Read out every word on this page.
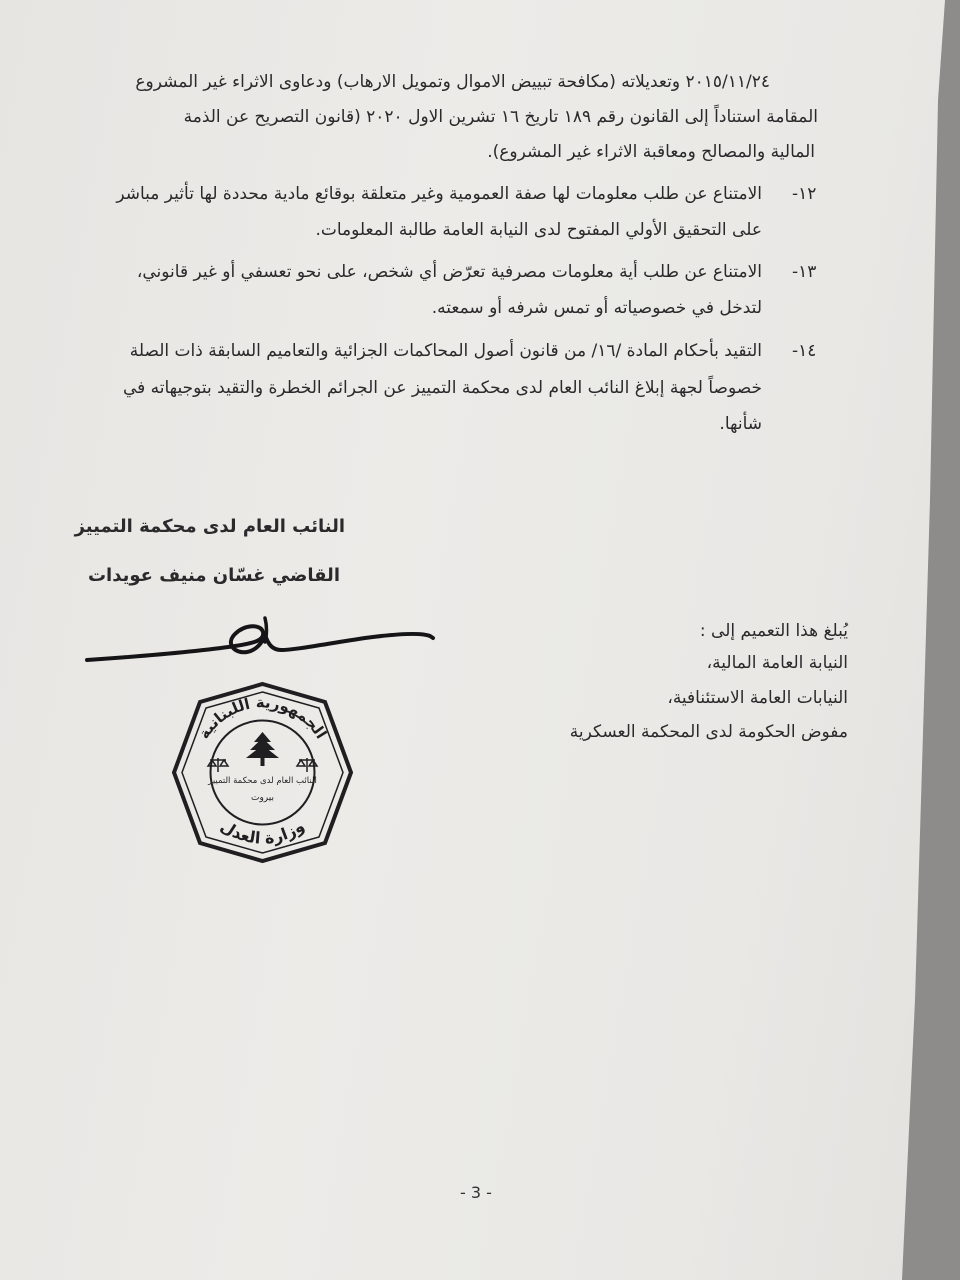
٢٠١٥/١١/٢٤ وتعديلاته (مكافحة تبييض الاموال وتمويل الارهاب) ودعاوى الاثراء غير المشروع
المقامة استناداً إلى القانون رقم ١٨٩ تاريخ ١٦ تشرين الاول ٢٠٢٠ (قانون التصريح عن الذمة
المالية والمصالح ومعاقبة الاثراء غير المشروع).
١٢-
الامتناع عن طلب معلومات لها صفة العمومية وغير متعلقة بوقائع مادية محددة لها تأثير مباشر
على التحقيق الأولي المفتوح لدى النيابة العامة طالبة المعلومات.
١٣-
الامتناع عن طلب أية معلومات مصرفية تعرّض أي شخص، على نحو تعسفي أو غير قانوني،
لتدخل في خصوصياته أو تمس شرفه أو سمعته.
١٤-
التقيد بأحكام المادة /١٦/ من قانون أصول المحاكمات الجزائية والتعاميم السابقة ذات الصلة
خصوصاً لجهة إبلاغ النائب العام لدى محكمة التمييز عن الجرائم الخطرة والتقيد بتوجيهاته في
شأنها.
النائب العام لدى محكمة التمييز
القاضي غسّان منيف عويدات
يُبلغ هذا التعميم إلى :
النيابة العامة المالية،
النيابات العامة الاستئنافية،
مفوض الحكومة لدى المحكمة العسكرية
الجمهورية اللبنانية
وزارة العدل
النائب العام لدى محكمة التمييز
بيروت
- 3 -
